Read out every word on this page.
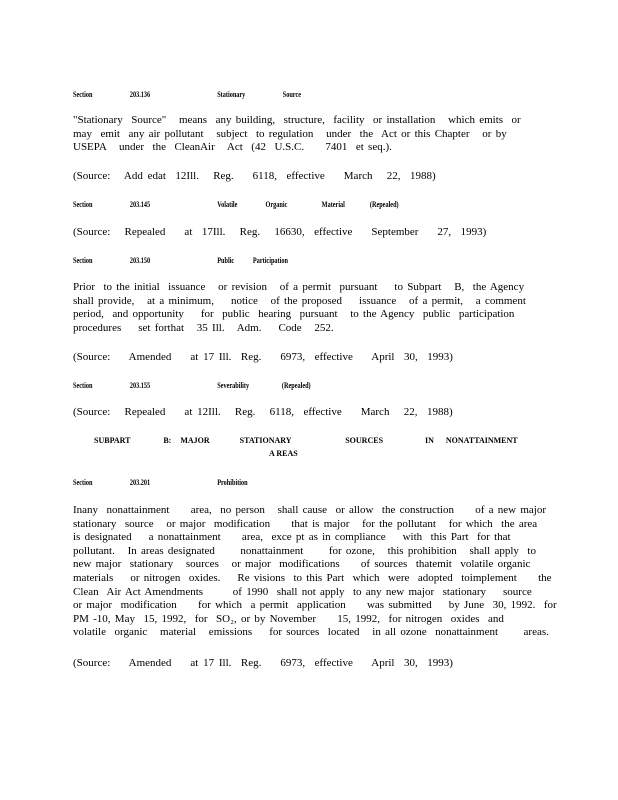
Section	203.136	Stationary	Source
"Stationary  Source"   means  any building,  structure,  facility  or installation   which emits  or
may  emit  any air pollutant   subject  to regulation   under  the  Act or this Chapter   or by
USEPA   under  the  CleanAir   Act  (42  U.S.C.     7401  et seq.).
(Source:   Add edat  12Ill.   Reg.    6118,  effective    March   22,  1988)
Section	203.145	Volatile	Organic	Material	(Repealed)
(Source:   Repealed    at  17Ill.   Reg.   16630,  effective    September    27,  1993)
Section	203.150	Public Participation
Prior  to the initial  issuance   or revision   of a permit  pursuant    to Subpart   B,  the Agency
shall provide,   at a minimum,    notice   of the proposed    issuance   of a permit,   a comment
period,  and opportunity    for  public  hearing  pursuant   to the Agency  public  participation
procedures    set forthat   35 Ill.   Adm.    Code   252.
(Source:    Amended    at 17 Ill.  Reg.    6973,  effective    April  30,  1993)
Section	203.155	Severability	(Repealed)
(Source:   Repealed    at 12Ill.   Reg.   6118,  effective    March   22,  1988)
SUBPART           B:   MAJOR          STATIONARY                  SOURCES              IN    NONATTAINMENT
A REAS
Section	203.201	Prohibition
Inany  nonattainment     area,  no person   shall cause  or allow  the construction     of a new major
stationary  source   or major  modification     that is major   for the pollutant   for which  the area
is designated    a nonattainment     area,  exce pt as in compliance    with  this Part  for that
pollutant.   In areas designated      nonattainment      for ozone,   this prohibition   shall apply  to
new major  stationary   sources   or major  modifications     of sources  thatemit  volatile organic
materials    or nitrogen  oxides.    Re visions  to this Part  which  were  adopted  toimplement     the
Clean  Air Act Amendments       of 1990  shall not apply  to any new major  stationary    source
or major  modification     for which  a permit  application     was submitted    by June  30, 1992.  for
PM -10, May  15, 1992,  for  SO₂, or by November     15, 1992,  for nitrogen  oxides  and
volatile  organic   material   emissions    for sources  located   in all ozone  nonattainment      areas.
(Source:    Amended    at 17 Ill.  Reg.    6973,  effective    April  30,  1993)
